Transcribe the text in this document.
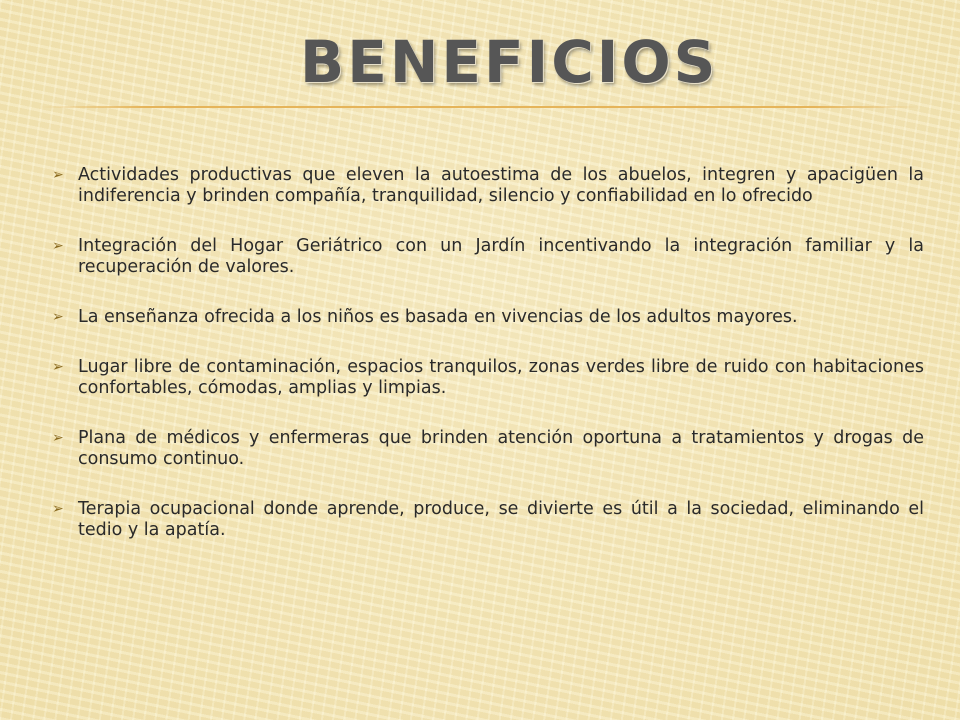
BENEFICIOS
➢ Actividades productivas que eleven la autoestima de los abuelos, integren y apacigüen la indiferencia y brinden compañía, tranquilidad, silencio y confiabilidad en lo ofrecido
➢ Integración del Hogar Geriátrico con un Jardín incentivando la integración familiar y la recuperación de valores.
➢ La enseñanza ofrecida a los niños es basada en vivencias de los adultos mayores.
➢ Lugar libre de contaminación, espacios tranquilos, zonas verdes libre de ruido con habitaciones confortables, cómodas, amplias y limpias.
➢ Plana de médicos y enfermeras que brinden atención oportuna a tratamientos y drogas de consumo continuo.
➢ Terapia ocupacional donde aprende, produce, se divierte es útil a la sociedad, eliminando el tedio y la apatía.
